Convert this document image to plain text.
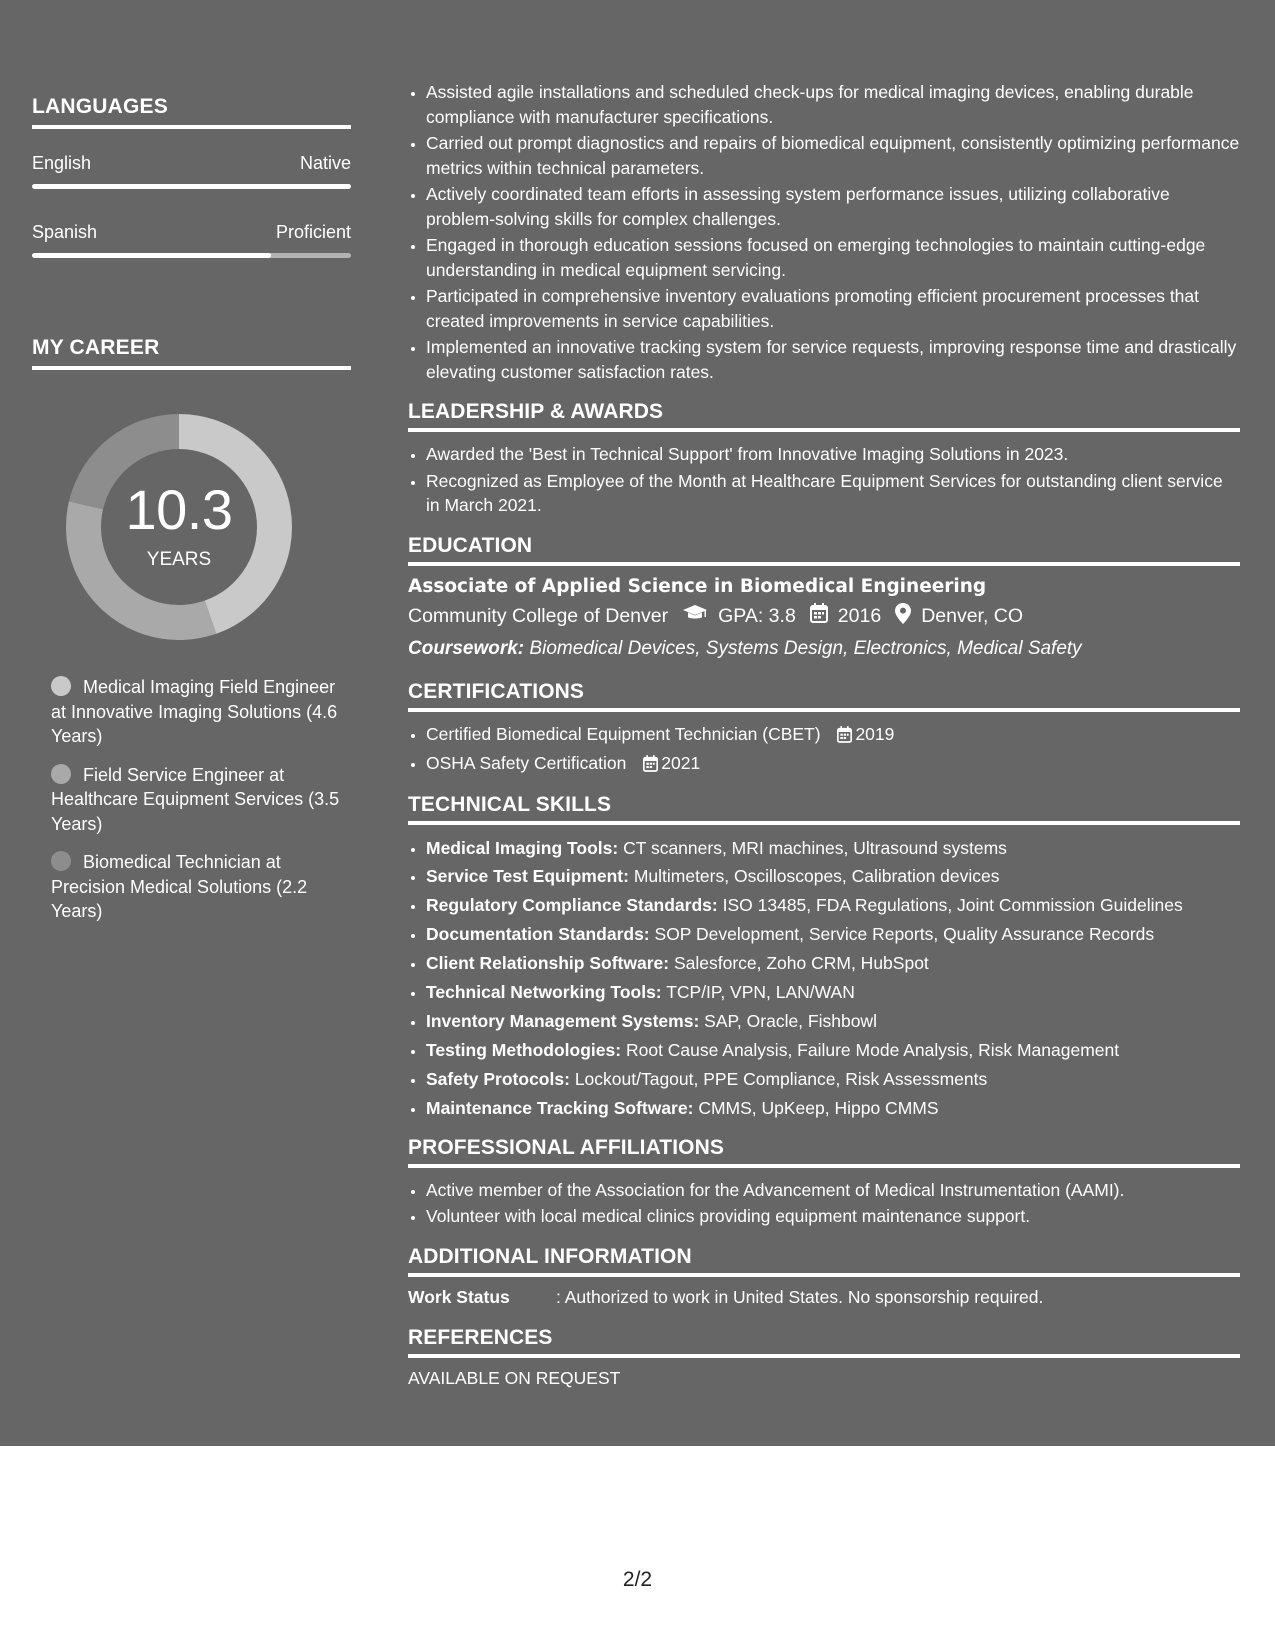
LANGUAGES
English	Native
Spanish	Proficient
MY CAREER
10.3
YEARS
Medical Imaging Field Engineer at Innovative Imaging Solutions (4.6 Years)
Field Service Engineer at Healthcare Equipment Services (3.5 Years)
Biomedical Technician at Precision Medical Solutions (2.2 Years)
• Assisted agile installations and scheduled check-ups for medical imaging devices, enabling durable compliance with manufacturer specifications.
• Carried out prompt diagnostics and repairs of biomedical equipment, consistently optimizing performance metrics within technical parameters.
• Actively coordinated team efforts in assessing system performance issues, utilizing collaborative problem-solving skills for complex challenges.
• Engaged in thorough education sessions focused on emerging technologies to maintain cutting-edge understanding in medical equipment servicing.
• Participated in comprehensive inventory evaluations promoting efficient procurement processes that created improvements in service capabilities.
• Implemented an innovative tracking system for service requests, improving response time and drastically elevating customer satisfaction rates.
LEADERSHIP & AWARDS
• Awarded the 'Best in Technical Support' from Innovative Imaging Solutions in 2023.
• Recognized as Employee of the Month at Healthcare Equipment Services for outstanding client service in March 2021.
EDUCATION
Associate of Applied Science in Biomedical Engineering
Community College of Denver	GPA: 3.8 2016 Denver, CO
Coursework: Biomedical Devices, Systems Design, Electronics, Medical Safety
CERTIFICATIONS
• Certified Biomedical Equipment Technician (CBET) 2019
• OSHA Safety Certification 2021
TECHNICAL SKILLS
• Medical Imaging Tools: CT scanners, MRI machines, Ultrasound systems
• Service Test Equipment: Multimeters, Oscilloscopes, Calibration devices
• Regulatory Compliance Standards: ISO 13485, FDA Regulations, Joint Commission Guidelines
• Documentation Standards: SOP Development, Service Reports, Quality Assurance Records
• Client Relationship Software: Salesforce, Zoho CRM, HubSpot
• Technical Networking Tools: TCP/IP, VPN, LAN/WAN
• Inventory Management Systems: SAP, Oracle, Fishbowl
• Testing Methodologies: Root Cause Analysis, Failure Mode Analysis, Risk Management
• Safety Protocols: Lockout/Tagout, PPE Compliance, Risk Assessments
• Maintenance Tracking Software: CMMS, UpKeep, Hippo CMMS
PROFESSIONAL AFFILIATIONS
• Active member of the Association for the Advancement of Medical Instrumentation (AAMI).
• Volunteer with local medical clinics providing equipment maintenance support.
ADDITIONAL INFORMATION
Work Status	: Authorized to work in United States. No sponsorship required.
REFERENCES
AVAILABLE ON REQUEST
2/2
